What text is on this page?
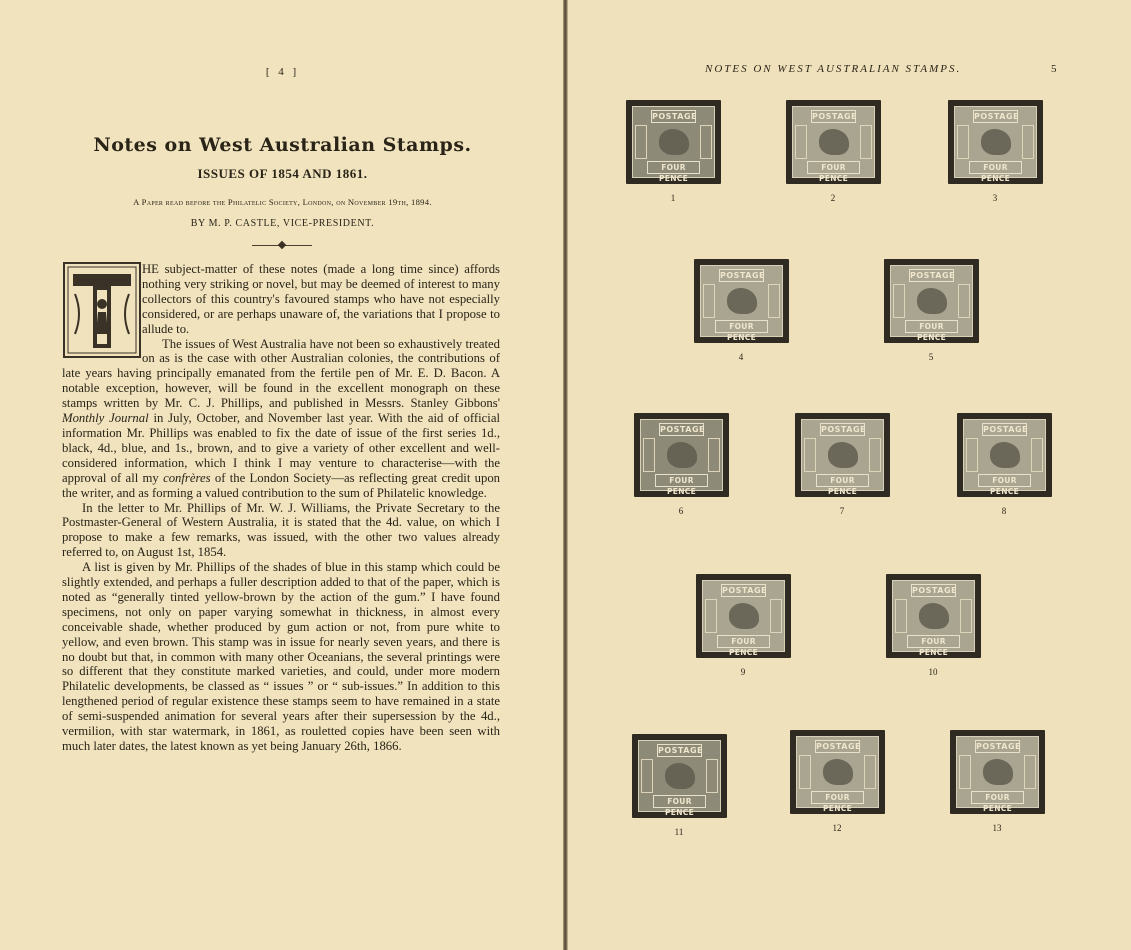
[ 4 ]
Notes on West Australian Stamps.
ISSUES OF 1854 AND 1861.
A Paper read before the Philatelic Society, London, on November 19th, 1894.
BY M. P. CASTLE, VICE-PRESIDENT.

HE subject-matter of these notes (made a long time since) affords nothing very striking or novel, but may be deemed of interest to many collectors of this country's favoured stamps who have not especially considered, or are perhaps unaware of, the variations that I propose to allude to.

The issues of West Australia have not been so exhaustively treated on as is the case with other Australian colonies, the contributions of late years having principally emanated from the fertile pen of Mr. E. D. Bacon. A notable exception, however, will be found in the excellent monograph on these stamps written by Mr. C. J. Phillips, and published in Messrs. Stanley Gibbons' Monthly Journal in July, October, and November last year. With the aid of official information Mr. Phillips was enabled to fix the date of issue of the first series 1d., black, 4d., blue, and 1s., brown, and to give a variety of other excellent and well-considered information, which I think I may venture to characterise—with the approval of all my confrères of the London Society—as reflecting great credit upon the writer, and as forming a valued contribution to the sum of Philatelic knowledge.

In the letter to Mr. Phillips of Mr. W. J. Williams, the Private Secretary to the Postmaster-General of Western Australia, it is stated that the 4d. value, on which I propose to make a few remarks, was issued, with the other two values already referred to, on August 1st, 1854.

A list is given by Mr. Phillips of the shades of blue in this stamp which could be slightly extended, and perhaps a fuller description added to that of the paper, which is noted as “generally tinted yellow-brown by the action of the gum.” I have found specimens, not only on paper varying somewhat in thickness, in almost every conceivable shade, whether produced by gum action or not, from pure white to yellow, and even brown. This stamp was in issue for nearly seven years, and there is no doubt but that, in common with many other Oceanians, the several printings were so different that they constitute marked varieties, and could, under more modern Philatelic developments, be classed as “ issues ” or “ sub-issues.” In addition to this lengthened period of regular existence these stamps seem to have remained in a state of semi-suspended animation for several years after their supersession by the 4d., vermilion, with star watermark, in 1861, as rouletted copies have been seen with much later dates, the latest known as yet being January 26th, 1866.

NOTES ON WEST AUSTRALIAN STAMPS.	5
POSTAGE
FOUR PENCE
1
POSTAGE
FOUR PENCE
2
POSTAGE
FOUR PENCE
3
POSTAGE
FOUR PENCE
4
POSTAGE
FOUR PENCE
5
POSTAGE
FOUR PENCE
6
POSTAGE
FOUR PENCE
7
POSTAGE
FOUR PENCE
8
POSTAGE
FOUR PENCE
9
POSTAGE
FOUR PENCE
10
POSTAGE
FOUR PENCE
11
POSTAGE
FOUR PENCE
12
POSTAGE
FOUR PENCE
13
